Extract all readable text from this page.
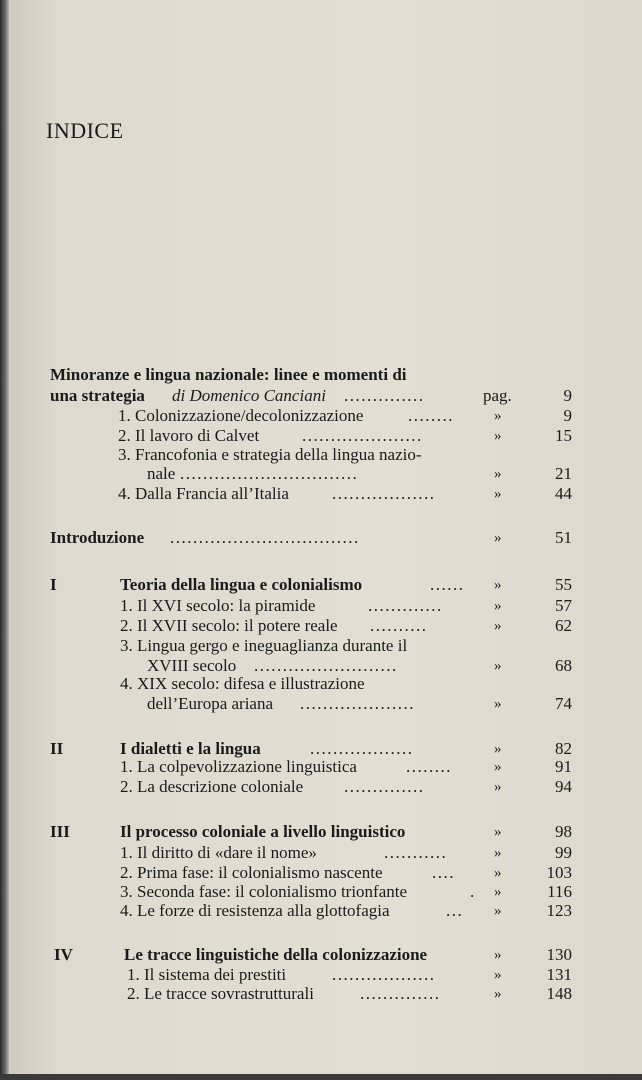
INDICE
Minoranze e lingua nazionale: linee e momenti di
una strategia di Domenico Canciani ..............	pag.	9
1. Colonizzazione/decolonizzazione	........	»	9
2. Il lavoro di Calvet	.....................	»	15
3. Francofonia e strategia della lingua nazio-
nale ...............................	»	21
4. Dalla Francia all’Italia	..................	»	44
Introduzione .................................	»	51
I	Teoria della lingua e colonialismo	...... »	55
1. Il XVI secolo: la piramide	.............	»	57
2. Il XVII secolo: il potere reale ..........	»	62
3. Lingua gergo e ineguaglianza durante il
XVIII secolo .........................	»	68
4. XIX secolo: difesa e illustrazione
dell’Europa ariana ....................	»	74
II	I dialetti e la lingua	..................	»	82
1. La colpevolizzazione linguistica	........	»	91
2. La descrizione coloniale ..............	»	94
III	Il processo coloniale a livello linguistico	»	98
1. Il diritto di «dare il nome»	...........	»	99
2. Prima fase: il colonialismo nascente	....	»	103
3. Seconda fase: il colonialismo trionfante	. »	116
4. Le forze di resistenza alla glottofagia	... »	123
IV	Le tracce linguistiche della colonizzazione	»	130
1. Il sistema dei prestiti	..................	»	131
2. Le tracce sovrastrutturali	..............	»	148
